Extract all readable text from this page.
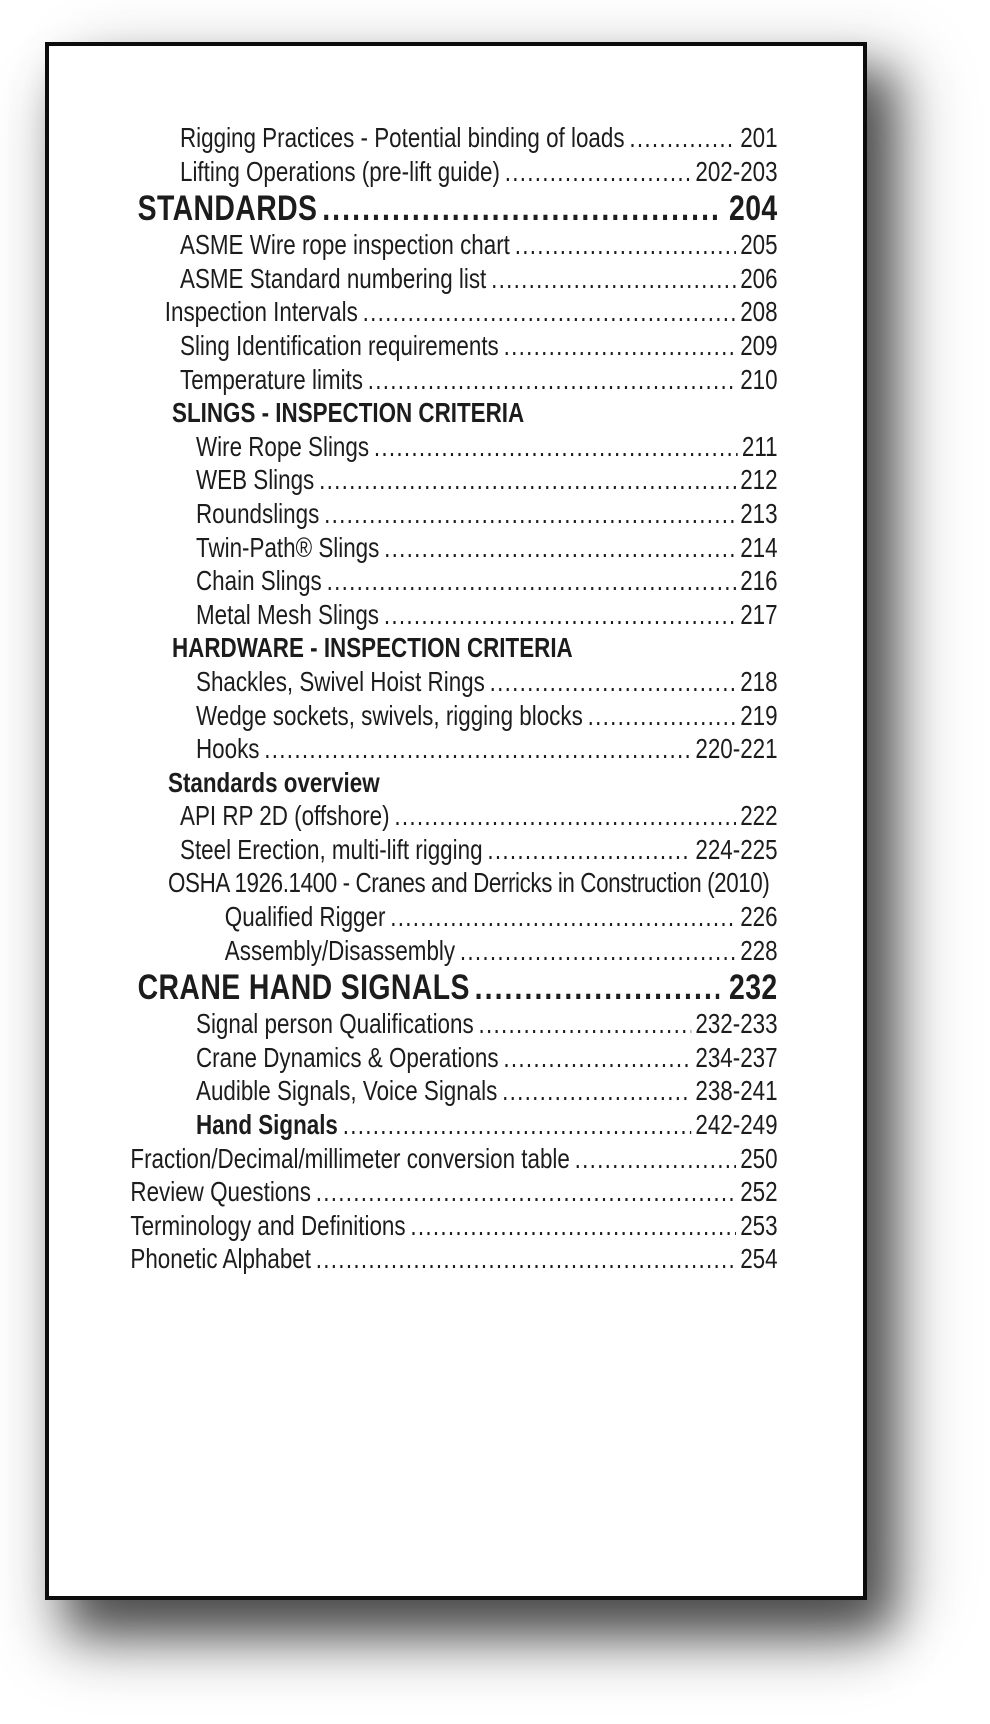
Rigging Practices - Potential binding of loads .....	201
Lifting Operations (pre-lift guide) .....	202-203
STANDARDS .....	204
ASME Wire rope inspection chart .....	205
ASME Standard numbering list .....	206
Inspection Intervals .....	208
Sling Identification requirements .....	209
Temperature limits .....	210
SLINGS - INSPECTION CRITERIA
Wire Rope Slings .....	211
WEB Slings .....	212
Roundslings .....	213
Twin-Path® Slings .....	214
Chain Slings .....	216
Metal Mesh Slings .....	217
HARDWARE - INSPECTION CRITERIA
Shackles, Swivel Hoist Rings .....	218
Wedge sockets, swivels, rigging blocks .....	219
Hooks .....	220-221
Standards overview
API RP 2D (offshore) .....	222
Steel Erection, multi-lift rigging .....	224-225
OSHA 1926.1400 - Cranes and Derricks in Construction (2010)
Qualified Rigger .....	226
Assembly/Disassembly .....	228
CRANE HAND SIGNALS .....	232
Signal person Qualifications .....	232-233
Crane Dynamics & Operations .....	234-237
Audible Signals, Voice Signals .....	238-241
Hand Signals .....	242-249
Fraction/Decimal/millimeter conversion table .....	250
Review Questions .....	252
Terminology and Definitions .....	253
Phonetic Alphabet .....	254
